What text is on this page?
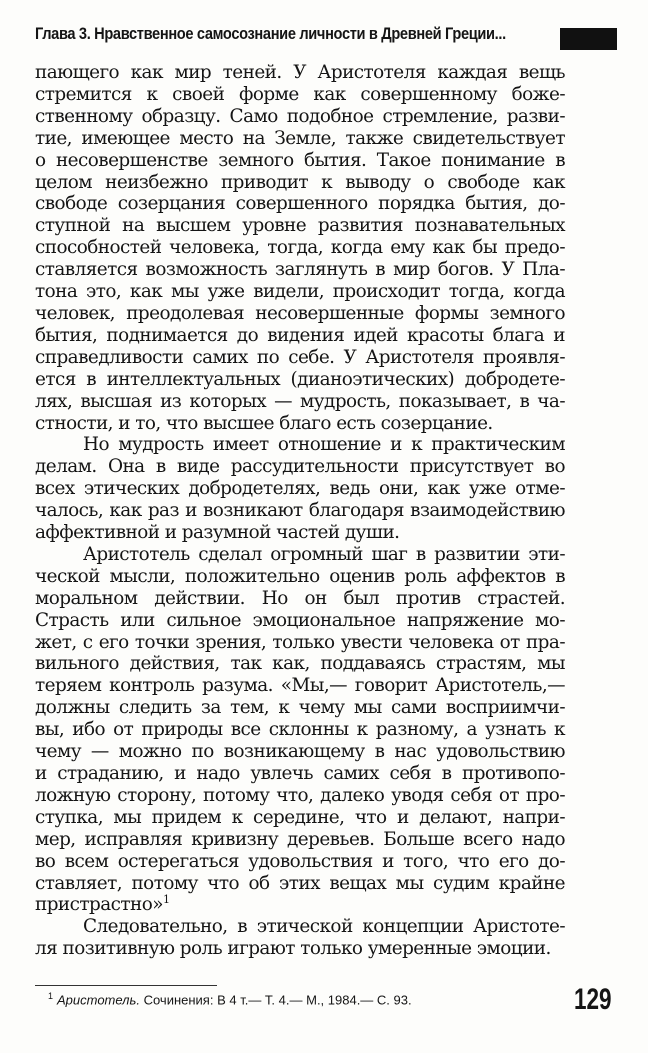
Глава 3. Нравственное самосознание личности в Древней Греции...
пающего как мир теней. У Аристотеля каждая вещь
стремится к своей форме как совершенному боже-
ственному образцу. Само подобное стремление, разви-
тие, имеющее место на Земле, также свидетельствует
о несовершенстве земного бытия. Такое понимание в
целом неизбежно приводит к выводу о свободе как
свободе созерцания совершенного порядка бытия, до-
ступной на высшем уровне развития познавательных
способностей человека, тогда, когда ему как бы предо-
ставляется возможность заглянуть в мир богов. У Пла-
тона это, как мы уже видели, происходит тогда, когда
человек, преодолевая несовершенные формы земного
бытия, поднимается до видения идей красоты блага и
справедливости самих по себе. У Аристотеля проявля-
ется в интеллектуальных (дианоэтических) добродете-
лях, высшая из которых — мудрость, показывает, в ча-
стности, и то, что высшее благо есть созерцание.
Но мудрость имеет отношение и к практическим
делам. Она в виде рассудительности присутствует во
всех этических добродетелях, ведь они, как уже отме-
чалось, как раз и возникают благодаря взаимодействию
аффективной и разумной частей души.
Аристотель сделал огромный шаг в развитии эти-
ческой мысли, положительно оценив роль аффектов в
моральном действии. Но он был против страстей.
Страсть или сильное эмоциональное напряжение мо-
жет, с его точки зрения, только увести человека от пра-
вильного действия, так как, поддаваясь страстям, мы
теряем контроль разума. «Мы,— говорит Аристотель,—
должны следить за тем, к чему мы сами восприимчи-
вы, ибо от природы все склонны к разному, а узнать к
чему — можно по возникающему в нас удовольствию
и страданию, и надо увлечь самих себя в противопо-
ложную сторону, потому что, далеко уводя себя от про-
ступка, мы придем к середине, что и делают, напри-
мер, исправляя кривизну деревьев. Больше всего надо
во всем остерегаться удовольствия и того, что его до-
ставляет, потому что об этих вещах мы судим крайне
пристрастно»$^1$
Следовательно, в этической концепции Аристоте-
ля позитивную роль играют только умеренные эмоции.
$^1$ Аристотель. Сочинения: В 4 т.— Т. 4.— М., 1984.— С. 93.	129
